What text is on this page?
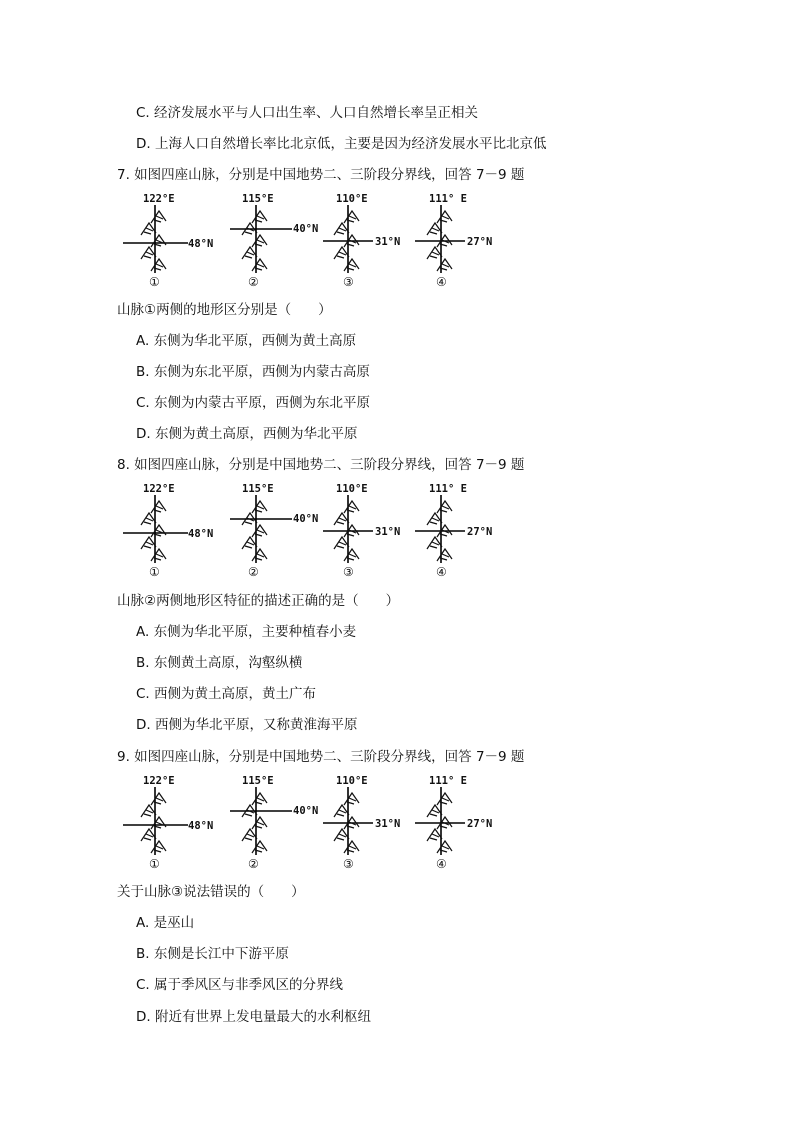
C. 经济发展水平与人口出生率、人口自然增长率呈正相关
D. 上海人口自然增长率比北京低，主要是因为经济发展水平比北京低
7. 如图四座山脉，分别是中国地势二、三阶段分界线，回答 7－9 题
122°E
48°N
①
115°E
40°N
②
110°E
31°N
③
111° E
27°N
④
山脉①两侧的地形区分别是（　　）
A. 东侧为华北平原，西侧为黄土高原
B. 东侧为东北平原，西侧为内蒙古高原
C. 东侧为内蒙古平原，西侧为东北平原
D. 东侧为黄土高原，西侧为华北平原
8. 如图四座山脉，分别是中国地势二、三阶段分界线，回答 7－9 题
122°E
48°N
①
115°E
40°N
②
110°E
31°N
③
111° E
27°N
④
山脉②两侧地形区特征的描述正确的是（　　）
A. 东侧为华北平原，主要种植春小麦
B. 东侧黄土高原，沟壑纵横
C. 西侧为黄土高原，黄土广布
D. 西侧为华北平原，又称黄淮海平原
9. 如图四座山脉，分别是中国地势二、三阶段分界线，回答 7－9 题
122°E
48°N
①
115°E
40°N
②
110°E
31°N
③
111° E
27°N
④
关于山脉③说法错误的（　　）
A. 是巫山
B. 东侧是长江中下游平原
C. 属于季风区与非季风区的分界线
D. 附近有世界上发电量最大的水利枢纽
